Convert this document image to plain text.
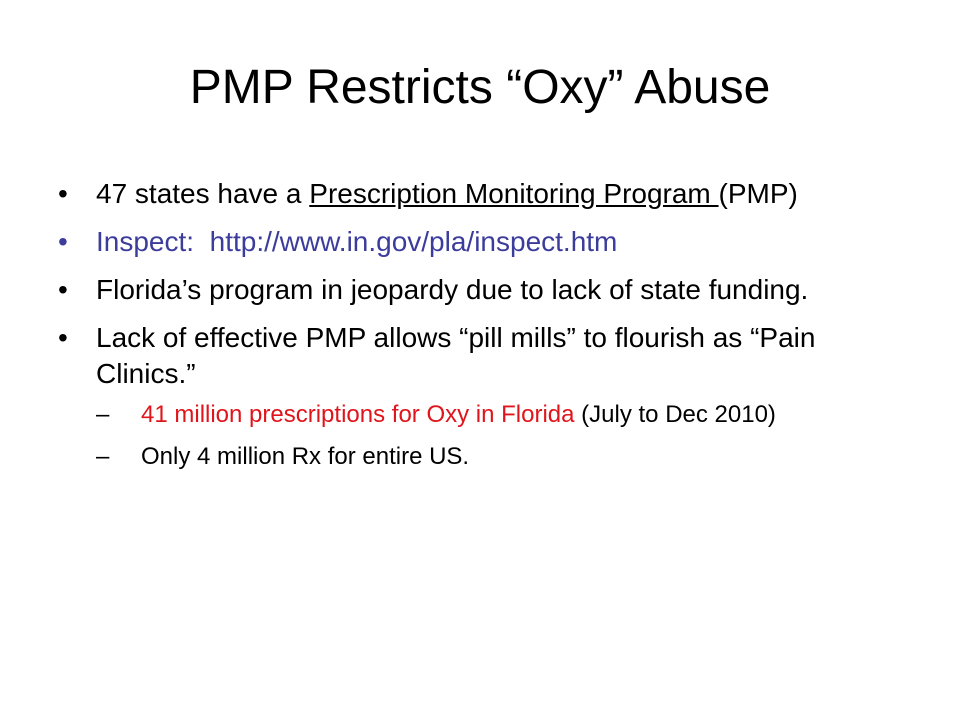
PMP Restricts “Oxy” Abuse
• 47 states have a Prescription Monitoring Program (PMP)
• Inspect:  http://www.in.gov/pla/inspect.htm
• Florida’s program in jeopardy due to lack of state funding.
• Lack of effective PMP allows “pill mills” to flourish as “Pain Clinics.”
– 41 million prescriptions for Oxy in Florida (July to Dec 2010)
– Only 4 million Rx for entire US.
